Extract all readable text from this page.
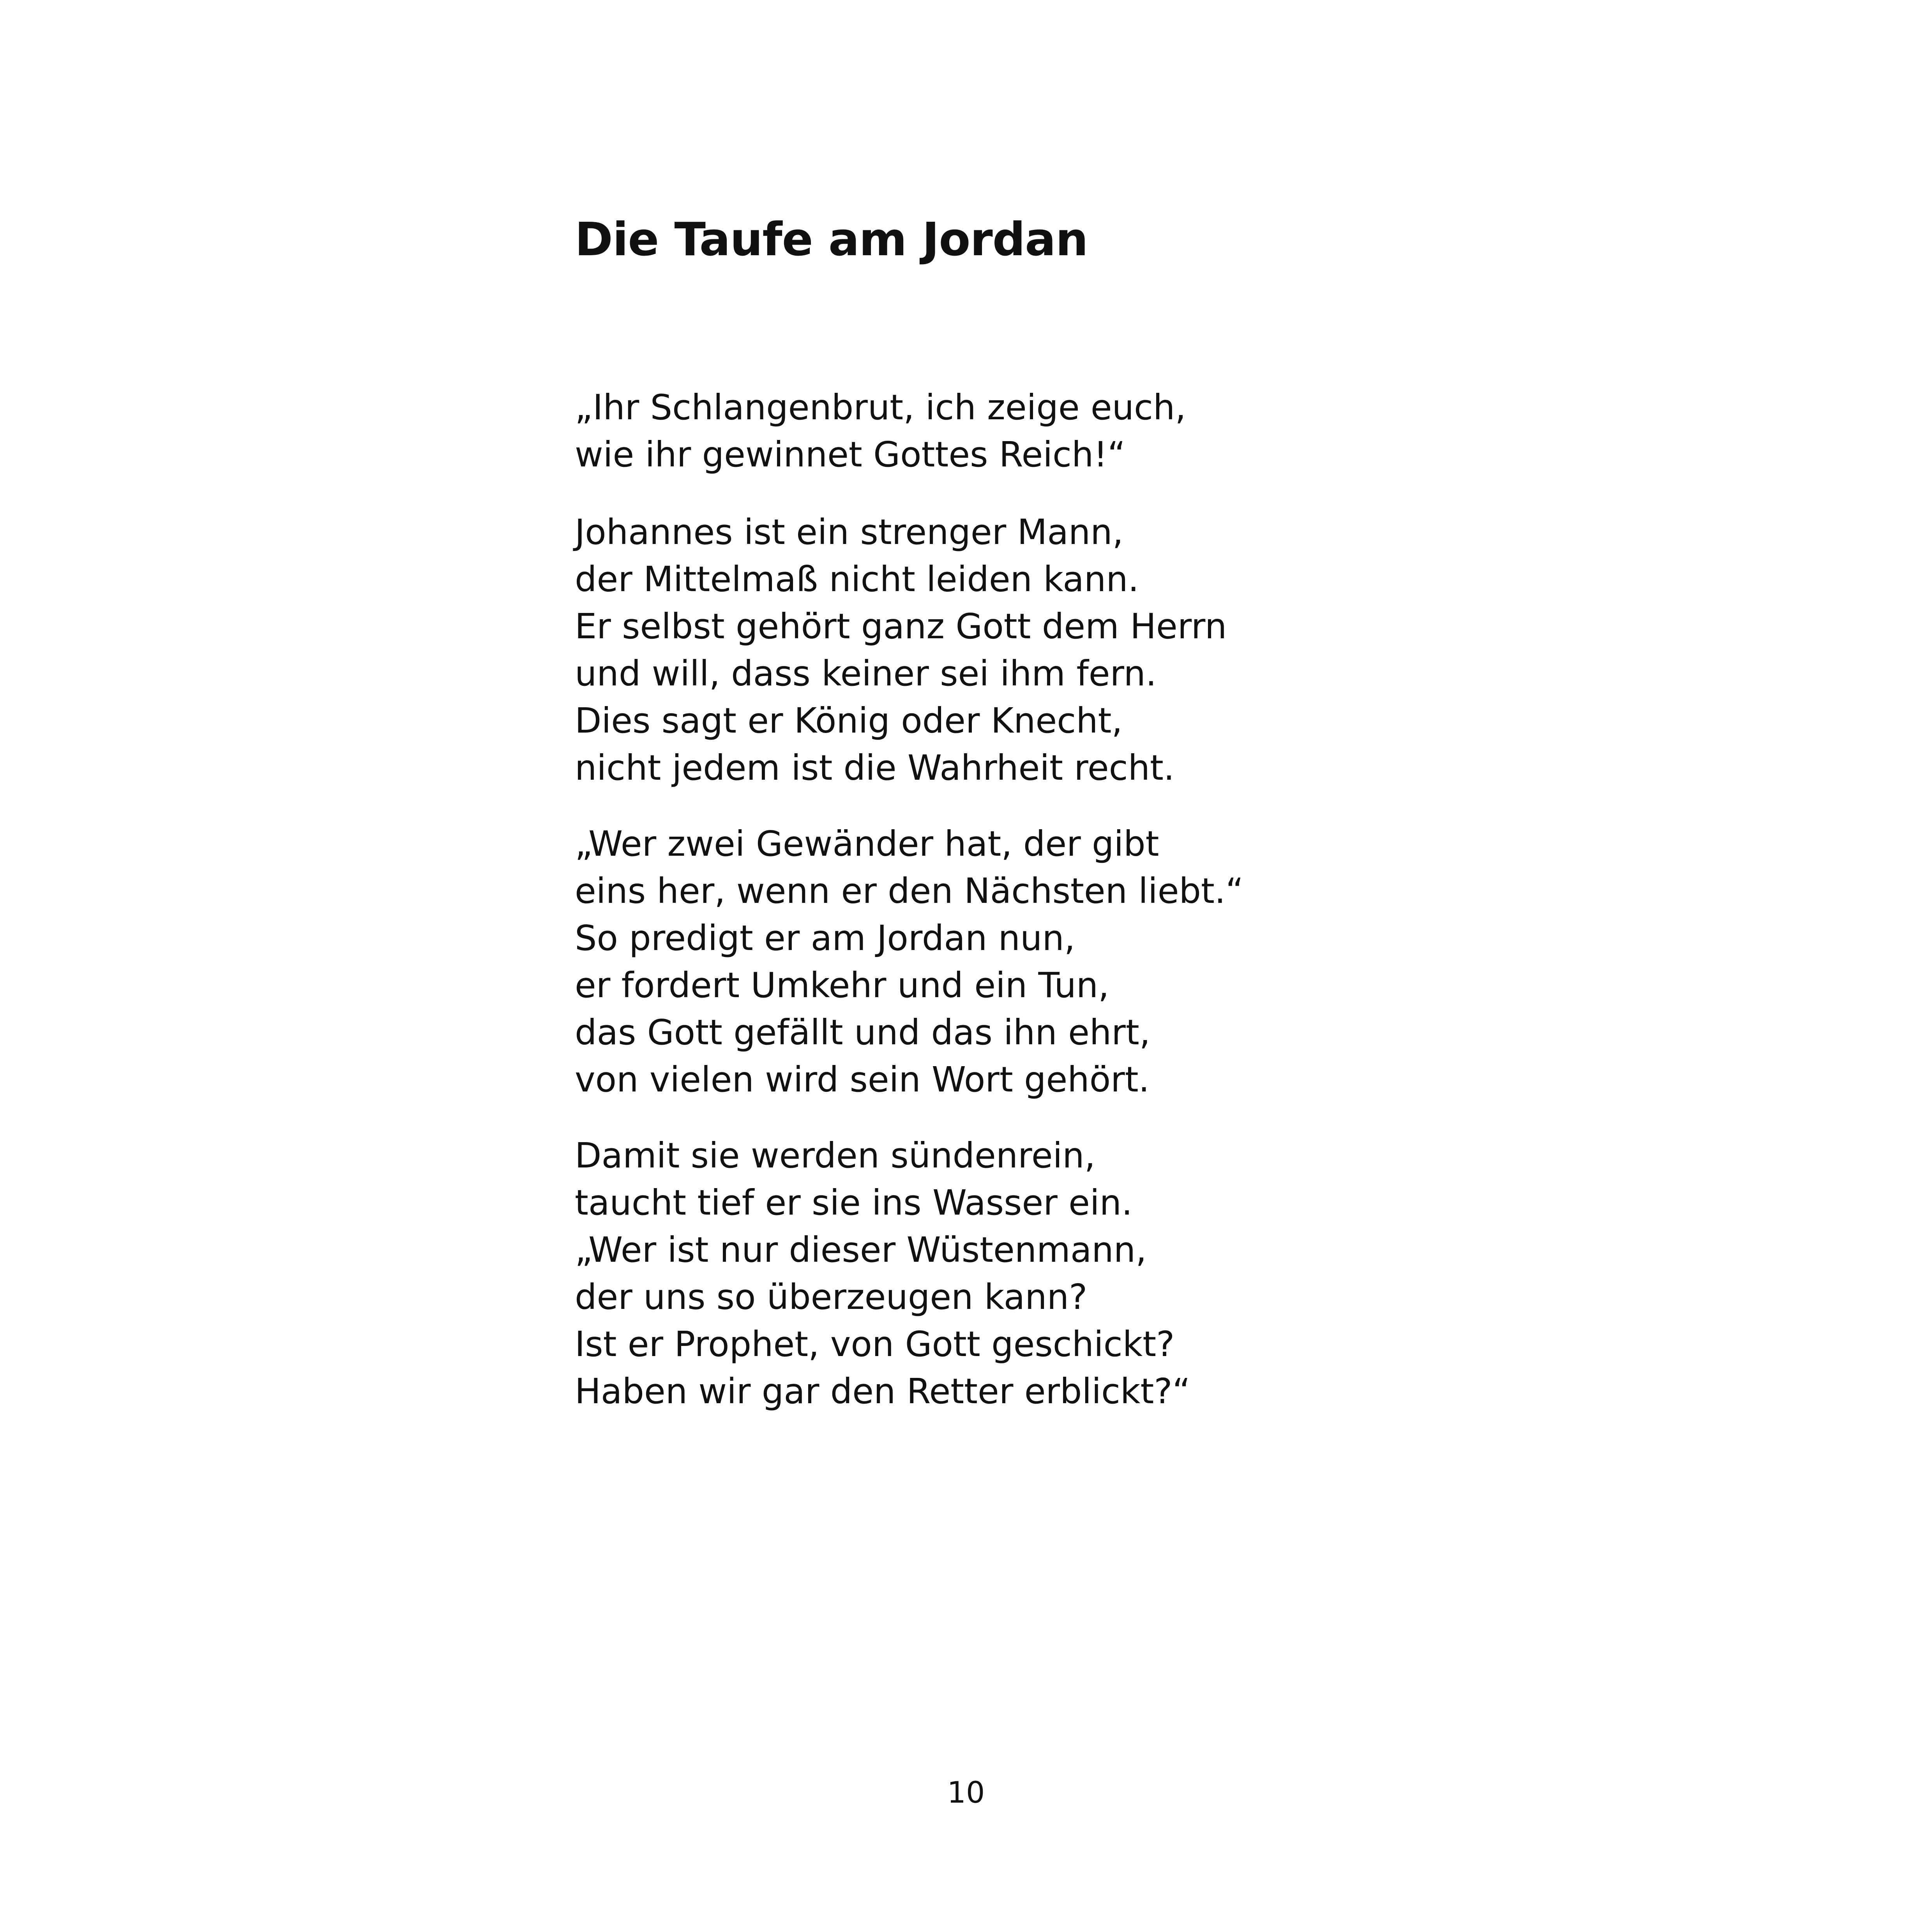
Die Taufe am Jordan
„Ihr Schlangenbrut, ich zeige euch,
wie ihr gewinnet Gottes Reich!“
Johannes ist ein strenger Mann,
der Mittelmaß nicht leiden kann.
Er selbst gehört ganz Gott dem Herrn
und will, dass keiner sei ihm fern.
Dies sagt er König oder Knecht,
nicht jedem ist die Wahrheit recht.
„Wer zwei Gewänder hat, der gibt
eins her, wenn er den Nächsten liebt.“
So predigt er am Jordan nun,
er fordert Umkehr und ein Tun,
das Gott gefällt und das ihn ehrt,
von vielen wird sein Wort gehört.
Damit sie werden sündenrein,
taucht tief er sie ins Wasser ein.
„Wer ist nur dieser Wüstenmann,
der uns so überzeugen kann?
Ist er Prophet, von Gott geschickt?
Haben wir gar den Retter erblickt?“
10
